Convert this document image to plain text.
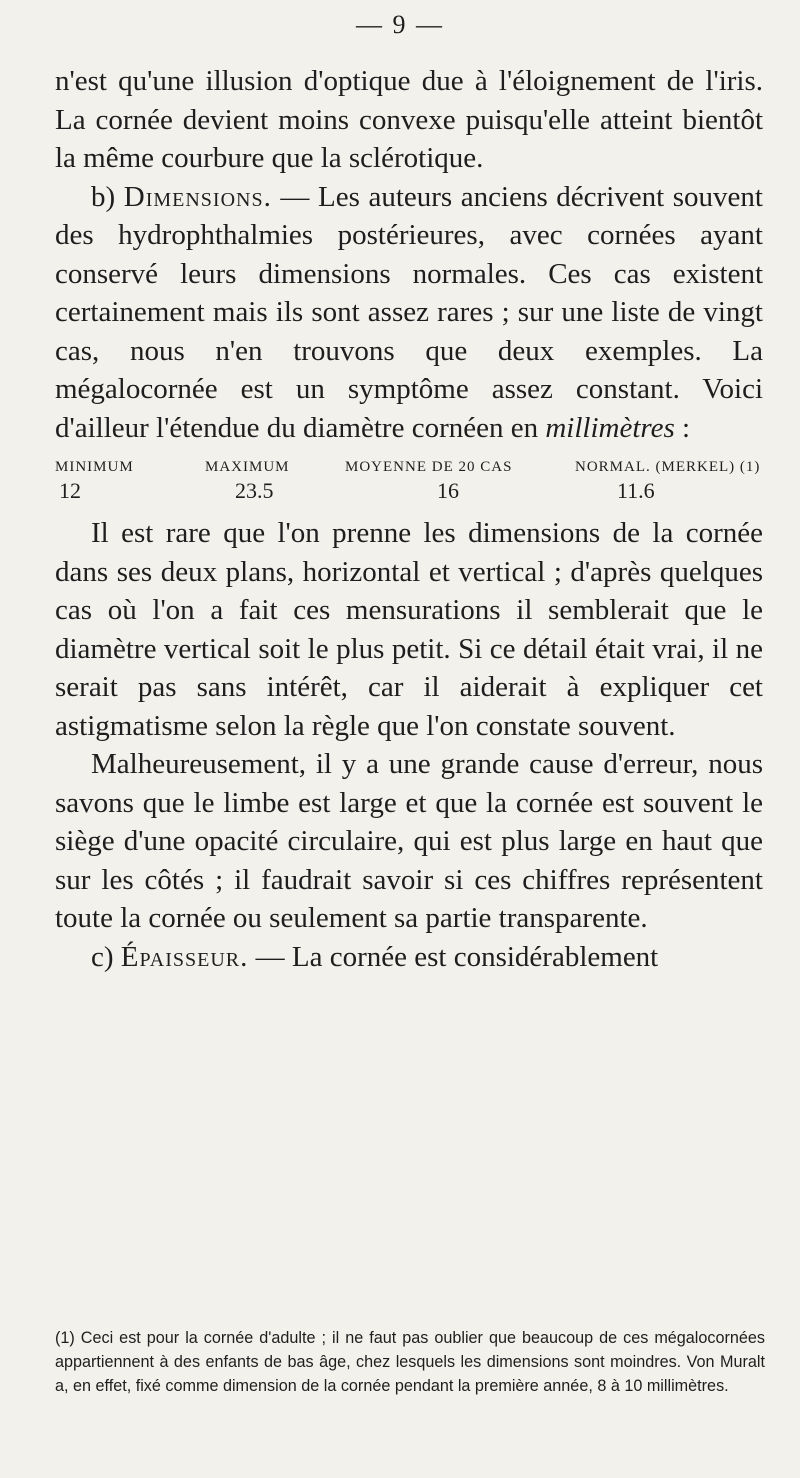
— 9 —

n'est qu'une illusion d'optique due à l'éloignement de l'iris. La cornée devient moins convexe puisqu'elle atteint bientôt la même courbure que la sclérotique.

b) Dimensions. — Les auteurs anciens décrivent souvent des hydrophthalmies postérieures, avec cornées ayant conservé leurs dimensions normales. Ces cas existent certainement mais ils sont assez rares ; sur une liste de vingt cas, nous n'en trouvons que deux exemples. La mégalocornée est un symptôme assez constant. Voici d'ailleur l'étendue du diamètre cornéen en millimètres :

MINIMUM
12
MAXIMUM
23.5
MOYENNE DE 20 CAS
16
NORMAL. (MERKEL) (1)
11.6

Il est rare que l'on prenne les dimensions de la cornée dans ses deux plans, horizontal et vertical ; d'après quelques cas où l'on a fait ces mensurations il semblerait que le diamètre vertical soit le plus petit. Si ce détail était vrai, il ne serait pas sans intérêt, car il aiderait à expliquer cet astigmatisme selon la règle que l'on constate souvent.

Malheureusement, il y a une grande cause d'erreur, nous savons que le limbe est large et que la cornée est souvent le siège d'une opacité circulaire, qui est plus large en haut que sur les côtés ; il faudrait savoir si ces chiffres représentent toute la cornée ou seulement sa partie transparente.

c) Épaisseur. — La cornée est considérablement

(1) Ceci est pour la cornée d'adulte ; il ne faut pas oublier que beaucoup de ces mégalocornées appartiennent à des enfants de bas âge, chez lesquels les dimensions sont moindres. Von Muralt a, en effet, fixé comme dimension de la cornée pendant la première année, 8 à 10 millimètres.
